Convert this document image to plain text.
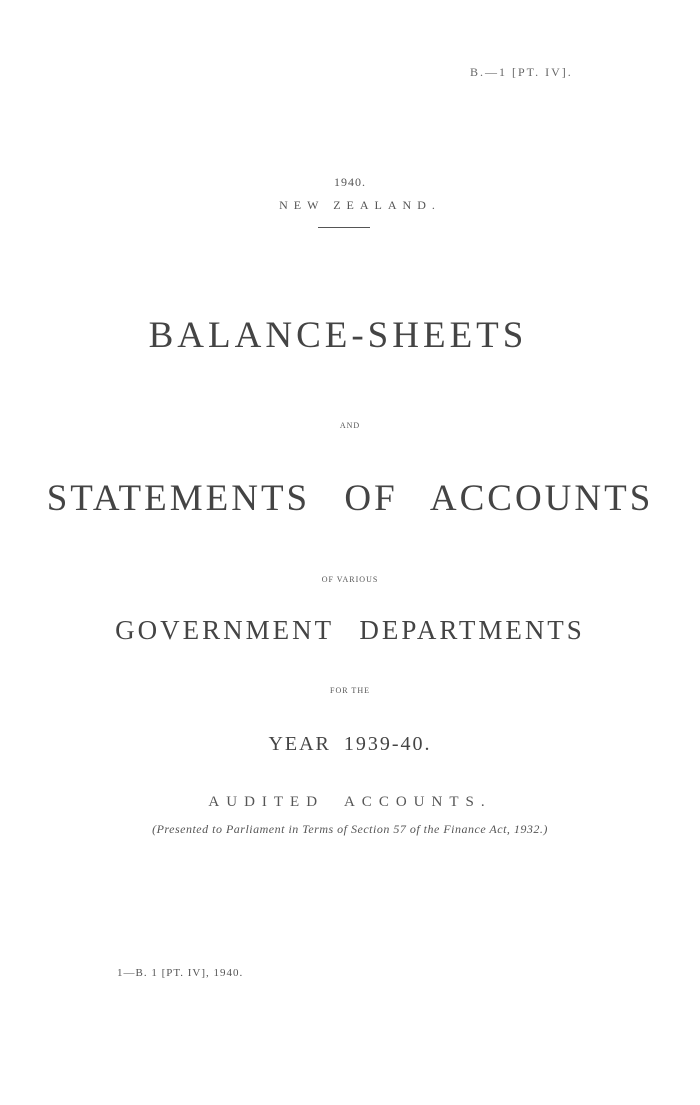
B.—1 [PT. IV].
1940.
NEW ZEALAND.
BALANCE-SHEETS
AND
STATEMENTS OF ACCOUNTS
OF VARIOUS
GOVERNMENT DEPARTMENTS
FOR THE
YEAR 1939-40.
AUDITED ACCOUNTS.
(Presented to Parliament in Terms of Section 57 of the Finance Act, 1932.)
1—B. 1 [PT. IV], 1940.
